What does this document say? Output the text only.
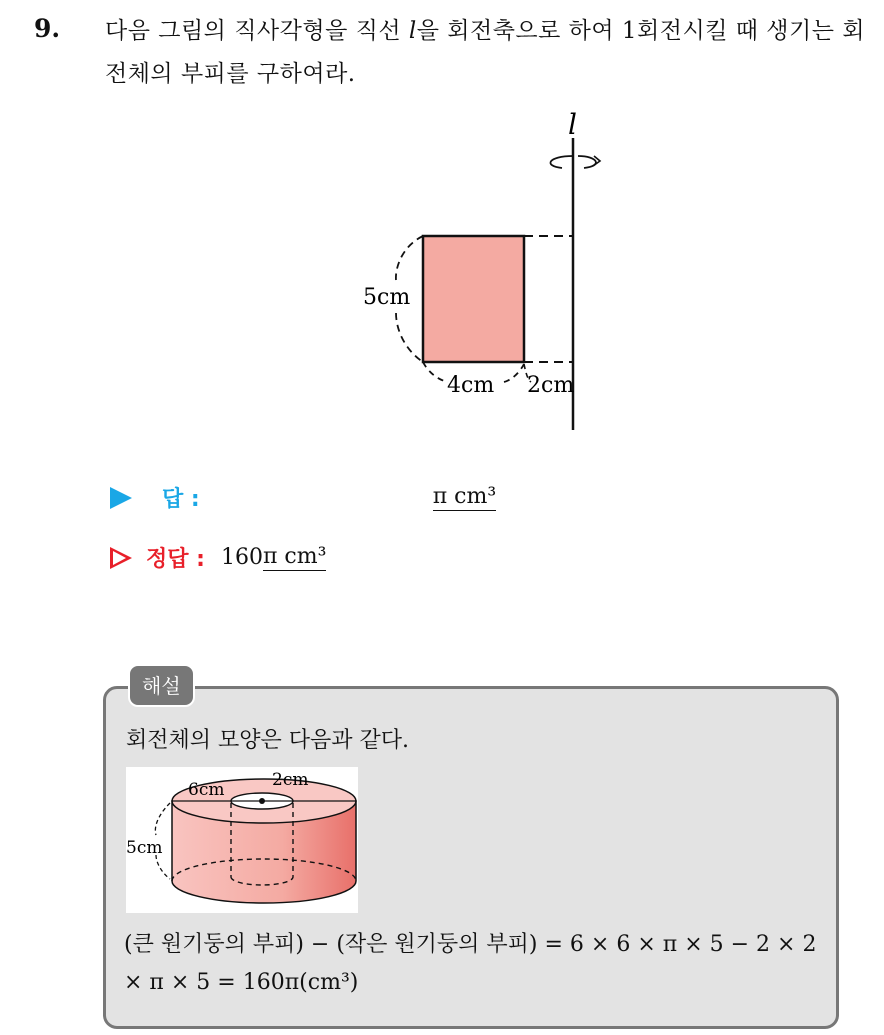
9. 다음 그림의 직사각형을 직선 l을 회전축으로 하여 1회전시킬 때 생기는 회전체의 부피를 구하여라.
l
5cm
4cm 2cm
답 :	π cm³
정답 : 160 π cm³
해설
회전체의 모양은 다음과 같다.
5cm
6cm	2cm
(큰 원기둥의 부피) − (작은 원기둥의 부피) = 6 × 6 × π × 5 − 2 × 2 × π × 5 = 160π(cm³)
